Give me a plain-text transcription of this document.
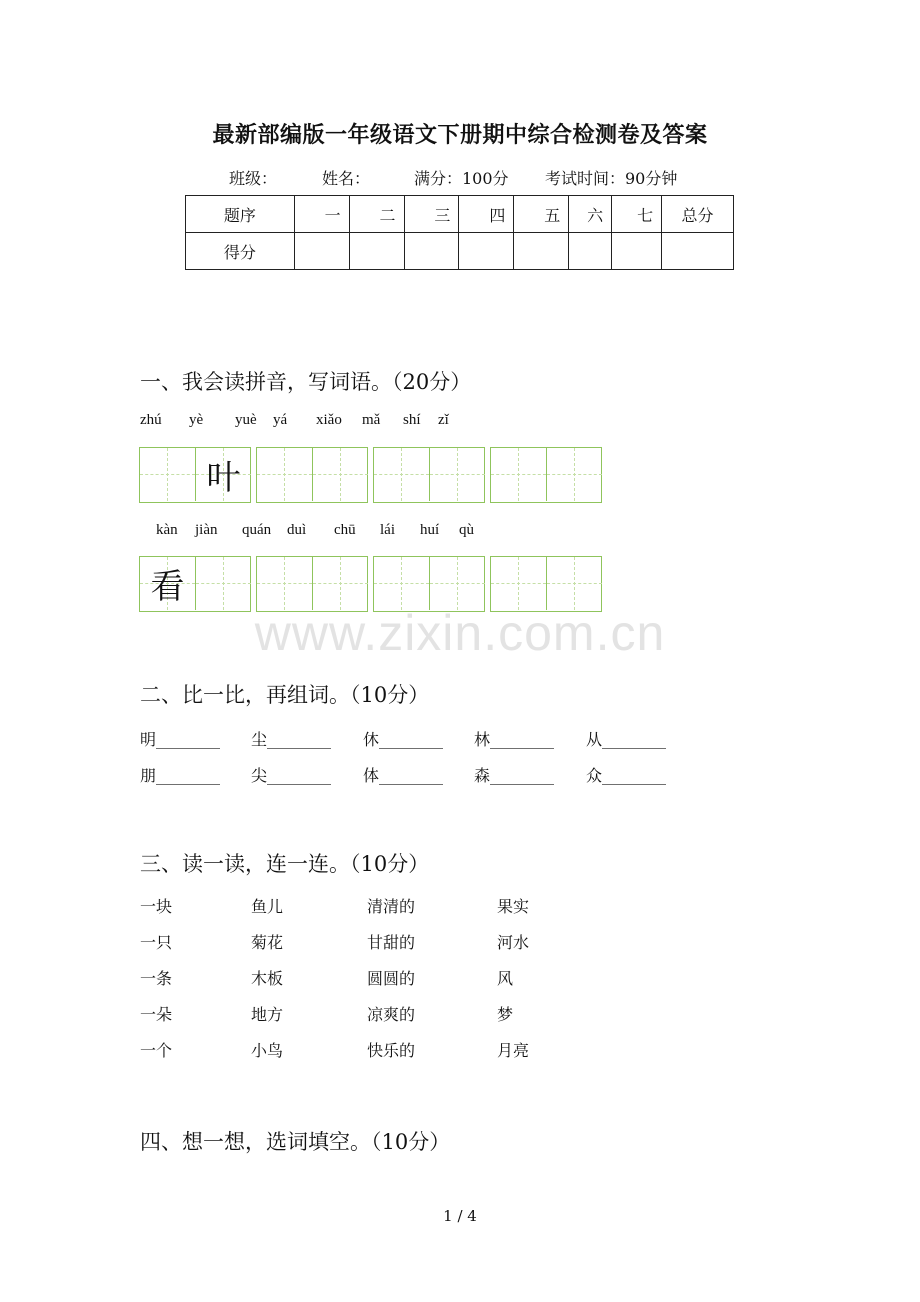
最新部编版一年级语文下册期中综合检测卷及答案
班级：	姓名：	满分：100分 考试时间：90分钟
题序	一	二	三	四	五	六	七	总分
得分								
一、我会读拼音，写词语。（20分）
zhú yè yuè yá xiǎo mǎ shí zǐ
叶
kàn jiàn quán duì chū lái huí qù
看
www.zixin.com.cn
二、比一比，再组词。（10分）
明________ 尘________ 休________ 林________ 从________
朋________ 尖________ 体________ 森________ 众________
三、读一读，连一连。（10分）
一块	鱼儿	清清的	果实
一只	菊花	甘甜的	河水
一条	木板	圆圆的	风
一朵	地方	凉爽的	梦
一个	小鸟	快乐的	月亮
四、想一想，选词填空。（10分）
1 / 4
